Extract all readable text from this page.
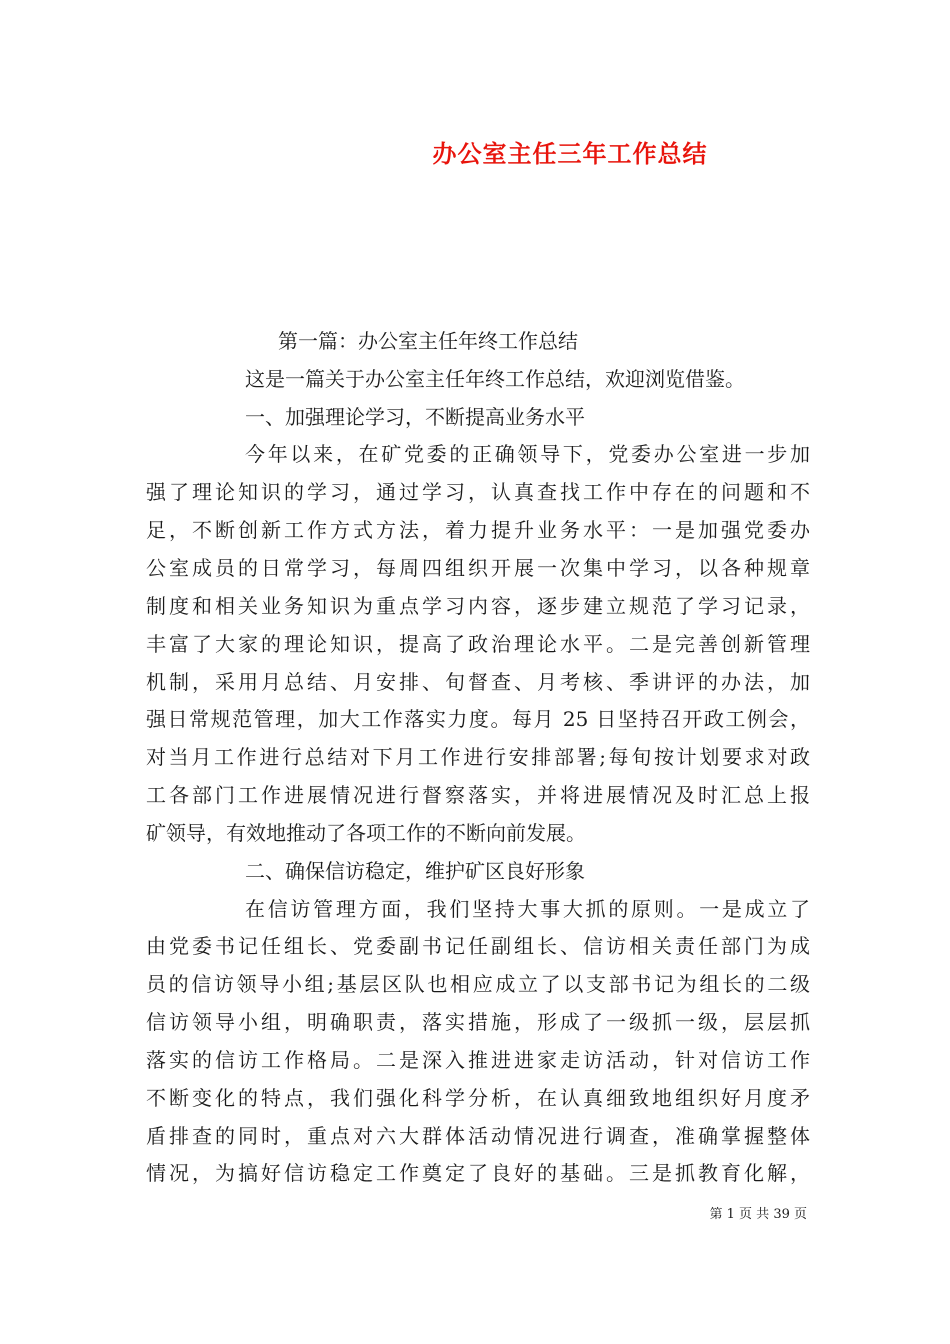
办公室主任三年工作总结

第一篇：办公室主任年终工作总结

这是一篇关于办公室主任年终工作总结，欢迎浏览借鉴。

一、加强理论学习，不断提高业务水平

今年以来，在矿党委的正确领导下，党委办公室进一步加

强了理论知识的学习，通过学习，认真查找工作中存在的问题和不

足，不断创新工作方式方法，着力提升业务水平：一是加强党委办

公室成员的日常学习，每周四组织开展一次集中学习，以各种规章

制度和相关业务知识为重点学习内容，逐步建立规范了学习记录，

丰富了大家的理论知识，提高了政治理论水平。二是完善创新管理

机制，采用月总结、月安排、旬督查、月考核、季讲评的办法，加

强日常规范管理，加大工作落实力度。每月 25 日坚持召开政工例会，

对当月工作进行总结对下月工作进行安排部署;每旬按计划要求对政

工各部门工作进展情况进行督察落实，并将进展情况及时汇总上报

矿领导，有效地推动了各项工作的不断向前发展。

二、确保信访稳定，维护矿区良好形象

在信访管理方面，我们坚持大事大抓的原则。一是成立了

由党委书记任组长、党委副书记任副组长、信访相关责任部门为成

员的信访领导小组;基层区队也相应成立了以支部书记为组长的二级

信访领导小组，明确职责，落实措施，形成了一级抓一级，层层抓

落实的信访工作格局。二是深入推进进家走访活动，针对信访工作

不断变化的特点，我们强化科学分析，在认真细致地组织好月度矛

盾排查的同时，重点对六大群体活动情况进行调查，准确掌握整体

情况，为搞好信访稳定工作奠定了良好的基础。三是抓教育化解，

第 1 页 共 39 页
